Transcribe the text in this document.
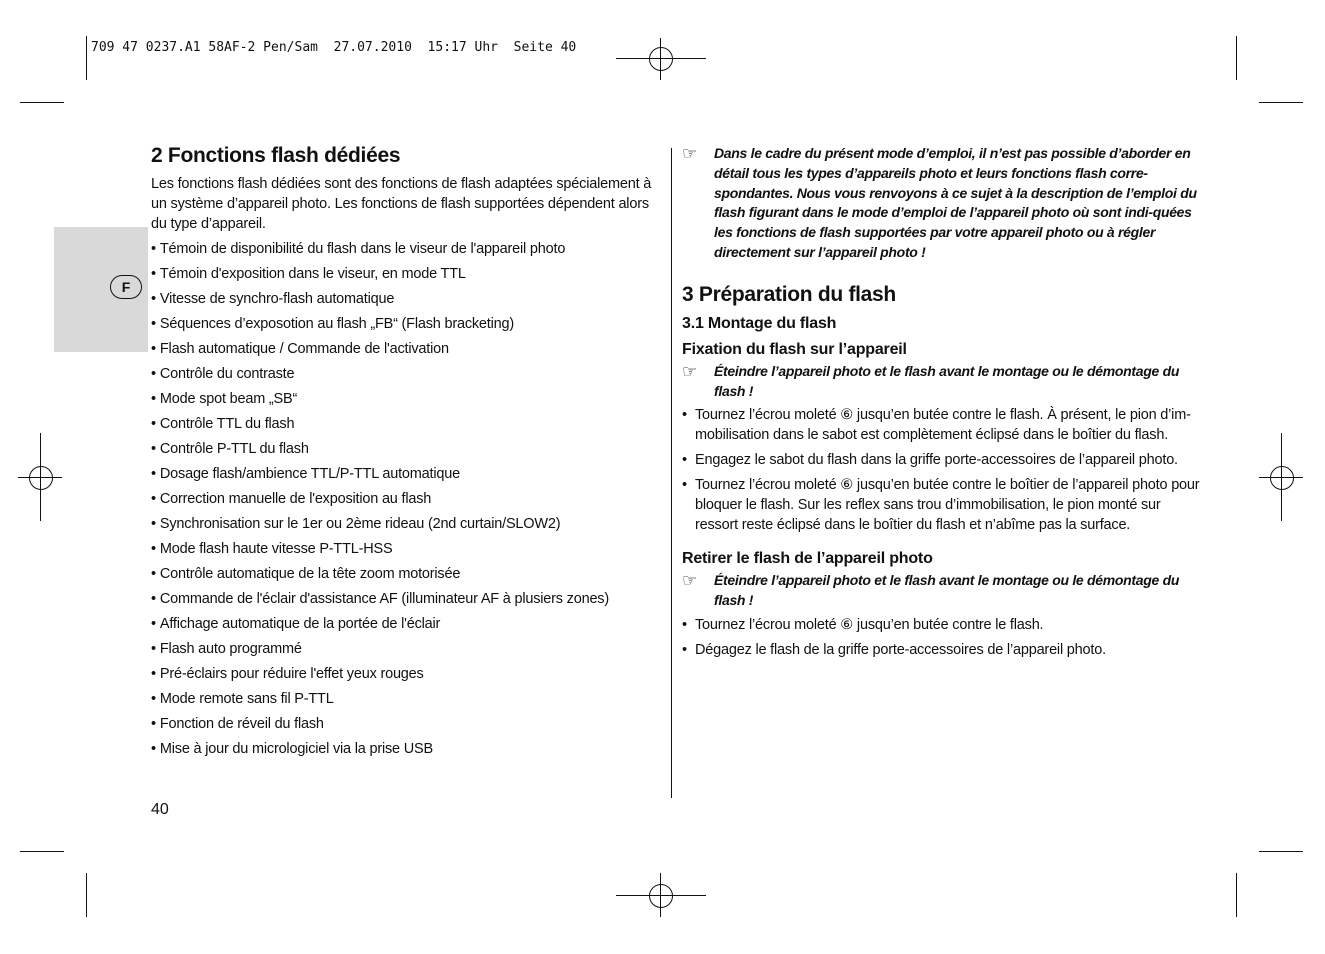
709 47 0237.A1 58AF-2 Pen/Sam  27.07.2010  15:17 Uhr  Seite 40
F
2 Fonctions flash dédiées

Les fonctions flash dédiées sont des fonctions de flash adaptées spécialement à un système d’appareil photo. Les fonctions de flash supportées dépendent alors du type d’appareil.

• Témoin de disponibilité du flash dans le viseur de l'appareil photo
• Témoin d'exposition dans le viseur, en mode TTL
• Vitesse de synchro-flash automatique
• Séquences d’exposotion au flash „FB“ (Flash bracketing)
• Flash automatique / Commande de l'activation
• Contrôle du contraste
• Mode spot beam „SB“
• Contrôle TTL du flash
• Contrôle P-TTL du flash
• Dosage flash/ambience TTL/P-TTL automatique
• Correction manuelle de l'exposition au flash
• Synchronisation sur le 1er ou 2ème rideau (2nd curtain/SLOW2)
• Mode flash haute vitesse P-TTL-HSS
• Contrôle automatique de la tête zoom motorisée
• Commande de l'éclair d'assistance AF (illuminateur AF à plusiers zones)
• Affichage automatique de la portée de l'éclair
• Flash auto programmé
• Pré-éclairs pour réduire l'effet yeux rouges
• Mode remote sans fil P-TTL
• Fonction de réveil du flash
• Mise à jour du micrologiciel via la prise USB
40
☞	Dans le cadre du présent mode d’emploi, il n’est pas possible d’aborder en détail tous les types d’appareils photo et leurs fonctions flash corre-spondantes. Nous vous renvoyons à ce sujet à la description de l’emploi du flash figurant dans le mode d’emploi de l’appareil photo où sont indi-quées les fonctions de flash supportées par votre appareil photo ou à régler directement sur l’appareil photo !
3 Préparation du flash
3.1 Montage du flash
Fixation du flash sur l’appareil
☞	Éteindre l’appareil photo et le flash avant le montage ou le démontage du flash !
• Tournez l’écrou moleté ⑥ jusqu’en butée contre le flash. À présent, le pion d’im-mobilisation dans le sabot est complètement éclipsé dans le boîtier du flash.
• Engagez le sabot du flash dans la griffe porte-accessoires de l’appareil photo.
• Tournez l’écrou moleté ⑥ jusqu’en butée contre le boîtier de l’appareil photo pour bloquer le flash. Sur les reflex sans trou d’immobilisation, le pion monté sur ressort reste éclipsé dans le boîtier du flash et n’abîme pas la surface.
Retirer le flash de l’appareil photo
☞	Éteindre l’appareil photo et le flash avant le montage ou le démontage du flash !
• Tournez l’écrou moleté ⑥ jusqu’en butée contre le flash.
• Dégagez le flash de la griffe porte-accessoires de l’appareil photo.
